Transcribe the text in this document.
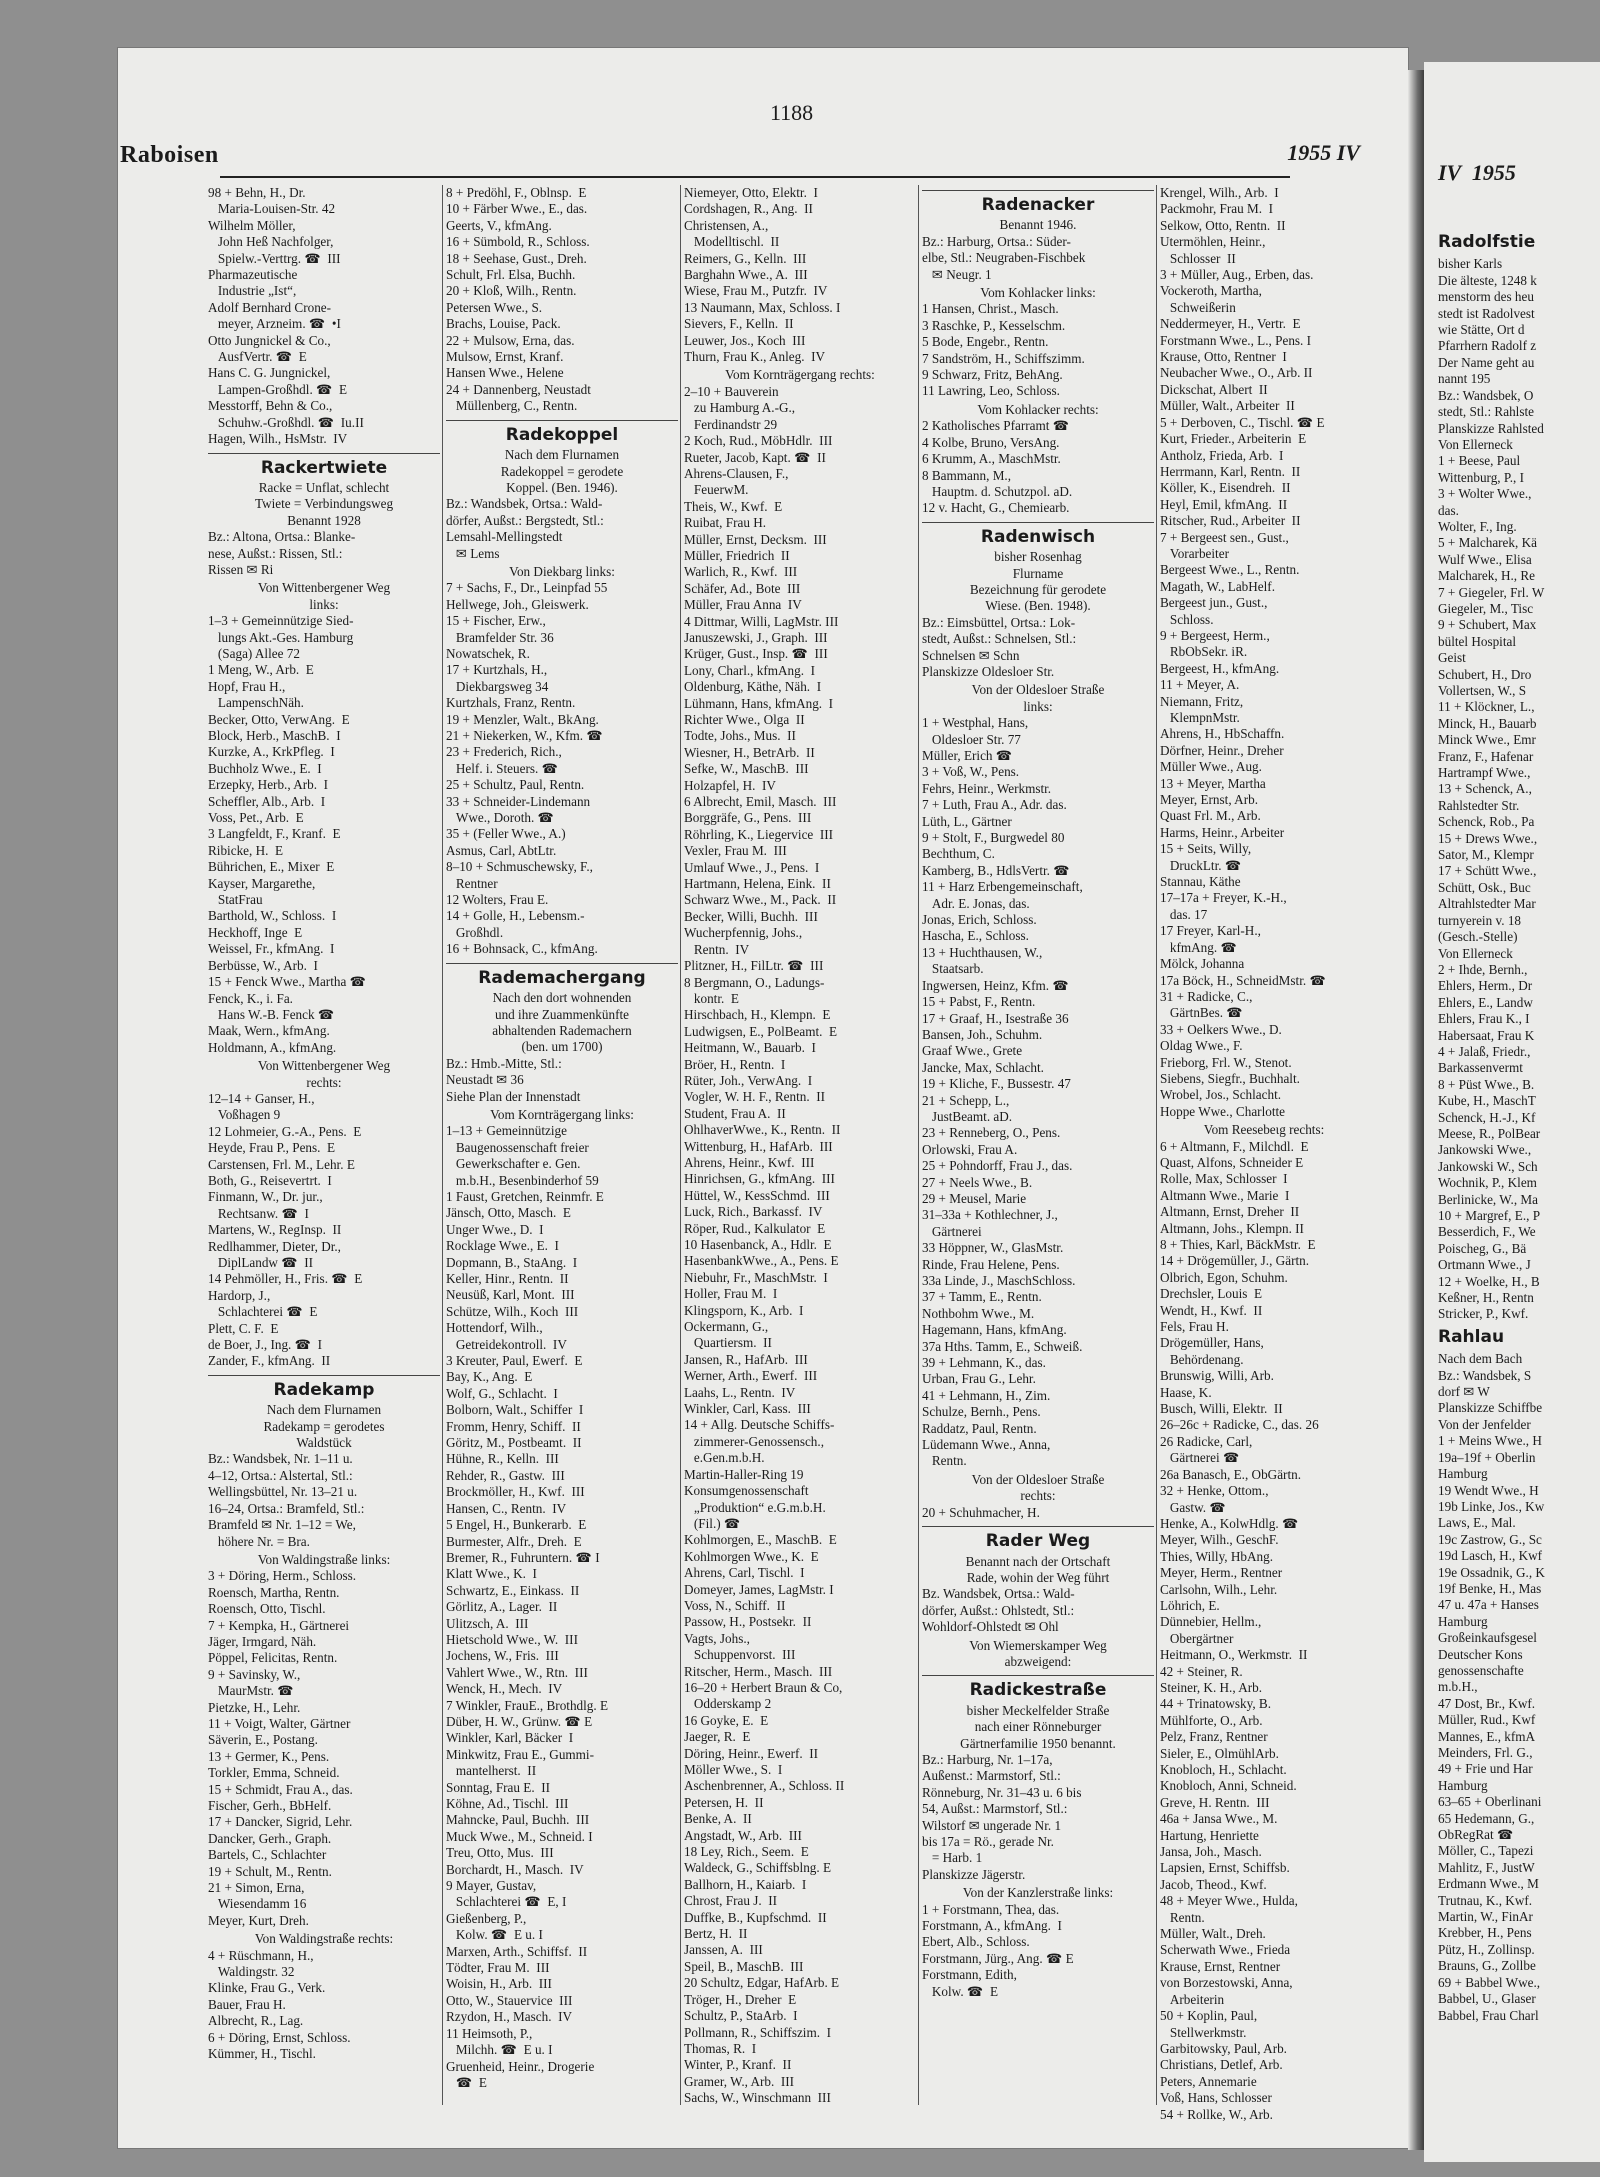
IV 1955

Radolfstie
bisher Karls
Die älteste, 1248 k
menstorm des heu
stedt ist Radolvest
wie Stätte, Ort d
Pfarrhern Radolf z
Der Name geht au
nannt 195
Bz.: Wandsbek, O
stedt, Stl.: Rahlste
Planskizze Rahlsted
Von Ellerneck
1 + Beese, Paul
Wittenburg, P., I
3 + Wolter Wwe.,
das.
Wolter, F., Ing.
5 + Malcharek, Kä
Wulf Wwe., Elisa
Malcharek, H., Re
7 + Giegeler, Frl. W
Giegeler, M., Tisc
9 + Schubert, Max
bültel Hospital
Geist
Schubert, H., Dro
Vollertsen, W., S
11 + Klöckner, L.,
Minck, H., Bauarb
Minck Wwe., Emr
Franz, F., Hafenar
Hartrampf Wwe.,
13 + Schenck, A.,
Rahlstedter Str.
Schenck, Rob., Pa
15 + Drews Wwe.,
Sator, M., Klempr
17 + Schütt Wwe.,
Schütt, Osk., Buc
Altrahlstedter Mar
turnyerein v. 18
(Gesch.-Stelle)
Von Ellerneck
2 + Ihde, Bernh.,
Ehlers, Herm., Dr
Ehlers, E., Landw
Ehlers, Frau K., I
Habersaat, Frau K
4 + Jalaß, Friedr.,
Barkassenvermt
8 + Püst Wwe., B.
Kube, H., MaschT
Schenck, H.-J., Kf
Meese, R., PolBear
Jankowski Wwe.,
Jankowski W., Sch
Wochnik, P., Klem
Berlinicke, W., Ma
10 + Margref, E., P
Besserdich, F., We
Poischeg, G., Bä
Ortmann Wwe., J
12 + Woelke, H., B
Keßner, H., Rentn
Stricker, P., Kwf.
Rahlau
Nach dem Bach
Bz.: Wandsbek, S
dorf ✉ W
Planskizze Schiffbe
Von der Jenfelder
1 + Meins Wwe., H
19a–19f + Oberlin
Hamburg
19 Wendt Wwe., H
19b Linke, Jos., Kw
Laws, E., Mal.
19c Zastrow, G., Sc
19d Lasch, H., Kwf
19e Ossadnik, G., K
19f Benke, H., Mas
47 u. 47a + Hanses
Hamburg
Großeinkaufsgesel
Deutscher Kons
genossenschafte
m.b.H.,
47 Dost, Br., Kwf.
Müller, Rud., Kwf
Mannes, E., kfmA
Meinders, Frl. G.,
49 + Frie und Har
Hamburg
63–65 + Oberlinani
65 Hedemann, G.,
ObRegRat ☎
Möller, C., Tapezi
Mahlitz, F., JustW
Erdmann Wwe., M
Trutnau, K., Kwf.
Martin, W., FinAr
Krebber, H., Pens
Pütz, H., Zollinsp.
Brauns, G., Zollbe
69 + Babbel Wwe.,
Babbel, U., Glaser
Babbel, Frau Charl

Raboisen
1188
1955 IV
98 + Behn, H., Dr.
Maria-Louisen-Str. 42
Wilhelm Möller,
John Heß Nachfolger,
Spielw.-Verttrg. ☎  III
Pharmazeutische
Industrie „Ist“,
Adolf Bernhard Crone-
meyer, Arzneim. ☎  •I
Otto Jungnickel & Co.,
AusfVertr. ☎  E
Hans C. G. Jungnickel,
Lampen-Großhdl. ☎  E
Messtorff, Behn & Co.,
Schuhw.-Großhdl. ☎  Iu.II
Hagen, Wilh., HsMstr.  IV
Rackertwiete
Racke = Unflat, schlecht
Twiete = Verbindungsweg
Benannt 1928
Bz.: Altona, Ortsa.: Blanke-
nese, Außst.: Rissen, Stl.:
Rissen ✉ Ri
Von Wittenbergener Weg
links:
1–3 + Gemeinnützige Sied-
lungs Akt.-Ges. Hamburg
(Saga) Allee 72
1 Meng, W., Arb.  E
Hopf, Frau H.,
LampenschNäh.
Becker, Otto, VerwAng.  E
Block, Herb., MaschB.  I
Kurzke, A., KrkPfleg.  I
Buchholz Wwe., E.  I
Erzepky, Herb., Arb.  I
Scheffler, Alb., Arb.  I
Voss, Pet., Arb.  E
3 Langfeldt, F., Kranf.  E
Ribicke, H.  E
Bührichen, E., Mixer  E
Kayser, Margarethe,
StatFrau
Barthold, W., Schloss.  I
Heckhoff, Inge  E
Weissel, Fr., kfmAng.  I
Berbüsse, W., Arb.  I
15 + Fenck Wwe., Martha ☎
Fenck, K., i. Fa.
Hans W.-B. Fenck ☎
Maak, Wern., kfmAng.
Holdmann, A., kfmAng.
Von Wittenbergener Weg
rechts:
12–14 + Ganser, H.,
Voßhagen 9
12 Lohmeier, G.-A., Pens.  E
Heyde, Frau P., Pens.  E
Carstensen, Frl. M., Lehr. E
Both, G., Reisevertrt.  I
Finmann, W., Dr. jur.,
Rechtsanw. ☎  I
Martens, W., RegInsp.  II
Redlhammer, Dieter, Dr.,
DiplLandw ☎  II
14 Pehmöller, H., Fris. ☎  E
Hardorp, J.,
Schlachterei ☎  E
Plett, C. F.  E
de Boer, J., Ing. ☎  I
Zander, F., kfmAng.  II
Radekamp
Nach dem Flurnamen
Radekamp = gerodetes
Waldstück
Bz.: Wandsbek, Nr. 1–11 u.
4–12, Ortsa.: Alstertal, Stl.:
Wellingsbüttel, Nr. 13–21 u.
16–24, Ortsa.: Bramfeld, Stl.:
Bramfeld ✉ Nr. 1–12 = We,
höhere Nr. = Bra.
Von Waldingstraße links:
3 + Döring, Herm., Schloss.
Roensch, Martha, Rentn.
Roensch, Otto, Tischl.
7 + Kempka, H., Gärtnerei
Jäger, Irmgard, Näh.
Pöppel, Felicitas, Rentn.
9 + Savinsky, W.,
MaurMstr. ☎
Pietzke, H., Lehr.
11 + Voigt, Walter, Gärtner
Säverin, E., Postang.
13 + Germer, K., Pens.
Torkler, Emma, Schneid.
15 + Schmidt, Frau A., das.
Fischer, Gerh., BbHelf.
17 + Dancker, Sigrid, Lehr.
Dancker, Gerh., Graph.
Bartels, C., Schlachter
19 + Schult, M., Rentn.
21 + Simon, Erna,
Wiesendamm 16
Meyer, Kurt, Dreh.
Von Waldingstraße rechts:
4 + Rüschmann, H.,
Waldingstr. 32
Klinke, Frau G., Verk.
Bauer, Frau H.
Albrecht, R., Lag.
6 + Döring, Ernst, Schloss.
Kümmer, H., Tischl.
8 + Predöhl, F., Oblnsp.  E
10 + Färber Wwe., E., das.
Geerts, V., kfmAng.
16 + Sümbold, R., Schloss.
18 + Seehase, Gust., Dreh.
Schult, Frl. Elsa, Buchh.
20 + Kloß, Wilh., Rentn.
Petersen Wwe., S.
Brachs, Louise, Pack.
22 + Mulsow, Erna, das.
Mulsow, Ernst, Kranf.
Hansen Wwe., Helene
24 + Dannenberg, Neustadt
Müllenberg, C., Rentn.
Radekoppel
Nach dem Flurnamen
Radekoppel = gerodete
Koppel. (Ben. 1946).
Bz.: Wandsbek, Ortsa.: Wald-
dörfer, Außst.: Bergstedt, Stl.:
Lemsahl-Mellingstedt
✉ Lems
Von Diekbarg links:
7 + Sachs, F., Dr., Leinpfad 55
Hellwege, Joh., Gleiswerk.
15 + Fischer, Erw.,
Bramfelder Str. 36
Nowatschek, R.
17 + Kurtzhals, H.,
Diekbargsweg 34
Kurtzhals, Franz, Rentn.
19 + Menzler, Walt., BkAng.
21 + Niekerken, W., Kfm. ☎
23 + Frederich, Rich.,
Helf. i. Steuers. ☎
25 + Schultz, Paul, Rentn.
33 + Schneider-Lindemann
Wwe., Doroth. ☎
35 + (Feller Wwe., A.)
Asmus, Carl, AbtLtr.
8–10 + Schmuschewsky, F.,
Rentner
12 Wolters, Frau E.
14 + Golle, H., Lebensm.-
Großhdl.
16 + Bohnsack, C., kfmAng.
Rademachergang
Nach den dort wohnenden
und ihre Zuammenkünfte
abhaltenden Rademachern
(ben. um 1700)
Bz.: Hmb.-Mitte, Stl.:
Neustadt ✉ 36
Siehe Plan der Innenstadt
Vom Kornträgergang links:
1–13 + Gemeinnützige
Baugenossenschaft freier
Gewerkschafter e. Gen.
m.b.H., Besenbinderhof 59
1 Faust, Gretchen, Reinmfr. E
Jänsch, Otto, Masch.  E
Unger Wwe., D.  I
Rocklage Wwe., E.  I
Dopmann, B., StaAng.  I
Keller, Hinr., Rentn.  II
Neusüß, Karl, Mont.  III
Schütze, Wilh., Koch  III
Hottendorf, Wilh.,
Getreidekontroll.  IV
3 Kreuter, Paul, Ewerf.  E
Bay, K., Ang.  E
Wolf, G., Schlacht.  I
Bolborn, Walt., Schiffer  I
Fromm, Henry, Schiff.  II
Göritz, M., Postbeamt.  II
Hühne, R., Kelln.  III
Rehder, R., Gastw.  III
Brockmöller, H., Kwf.  III
Hansen, C., Rentn.  IV
5 Engel, H., Bunkerarb.  E
Burmester, Alfr., Dreh.  E
Bremer, R., Fuhruntern. ☎ I
Klatt Wwe., K.  I
Schwartz, E., Einkass.  II
Görlitz, A., Lager.  II
Ulitzsch, A.  III
Hietschold Wwe., W.  III
Jochens, W., Fris.  III
Vahlert Wwe., W., Rtn.  III
Wenck, H., Mech.  IV
7 Winkler, FrauE., Brothdlg. E
Düber, H. W., Grünw. ☎ E
Winkler, Karl, Bäcker  I
Minkwitz, Frau E., Gummi-
mantelherst.  II
Sonntag, Frau E.  II
Köhne, Ad., Tischl.  III
Mahncke, Paul, Buchh.  III
Muck Wwe., M., Schneid. I
Treu, Otto, Mus.  III
Borchardt, H., Masch.  IV
9 Mayer, Gustav,
Schlachterei ☎  E, I
Gießenberg, P.,
Kolw. ☎  E u. I
Marxen, Arth., Schiffsf.  II
Tödter, Frau M.  III
Woisin, H., Arb.  III
Otto, W., Stauervice  III
Rzydon, H., Masch.  IV
11 Heimsoth, P.,
Milchh. ☎  E u. I
Gruenheid, Heinr., Drogerie
☎  E
Niemeyer, Otto, Elektr.  I
Cordshagen, R., Ang.  II
Christensen, A.,
Modelltischl.  II
Reimers, G., Kelln.  III
Barghahn Wwe., A.  III
Wiese, Frau M., Putzfr.  IV
13 Naumann, Max, Schloss. I
Sievers, F., Kelln.  II
Leuwer, Jos., Koch  III
Thurn, Frau K., Anleg.  IV
Vom Kornträgergang rechts:
2–10 + Bauverein
zu Hamburg A.-G.,
Ferdinandstr 29
2 Koch, Rud., MöbHdlr.  III
Rueter, Jacob, Kapt. ☎  II
Ahrens-Clausen, F.,
FeuerwM.
Theis, W., Kwf.  E
Ruibat, Frau H.
Müller, Ernst, Decksm.  III
Müller, Friedrich  II
Warlich, R., Kwf.  III
Schäfer, Ad., Bote  III
Müller, Frau Anna  IV
4 Dittmar, Willi, LagMstr. III
Januszewski, J., Graph.  III
Krüger, Gust., Insp. ☎  III
Lony, Charl., kfmAng.  I
Oldenburg, Käthe, Näh.  I
Lühmann, Hans, kfmAng.  I
Richter Wwe., Olga  II
Todte, Johs., Mus.  II
Wiesner, H., BetrArb.  II
Sefke, W., MaschB.  III
Holzapfel, H.  IV
6 Albrecht, Emil, Masch.  III
Borggräfe, G., Pens.  III
Röhrling, K., Liegervice  III
Vexler, Frau M.  III
Umlauf Wwe., J., Pens.  I
Hartmann, Helena, Eink.  II
Schwarz Wwe., M., Pack.  II
Becker, Willi, Buchh.  III
Wucherpfennig, Johs.,
Rentn.  IV
Plitzner, H., FilLtr. ☎  III
8 Bergmann, O., Ladungs-
kontr.  E
Hirschbach, H., Klempn.  E
Ludwigsen, E., PolBeamt.  E
Heitmann, W., Bauarb.  I
Bröer, H., Rentn.  I
Rüter, Joh., VerwAng.  I
Vogler, W. H. F., Rentn.  II
Student, Frau A.  II
OhlhaverWwe., K., Rentn.  II
Wittenburg, H., HafArb.  III
Ahrens, Heinr., Kwf.  III
Hinrichsen, G., kfmAng.  III
Hüttel, W., KessSchmd.  III
Luck, Rich., Barkassf.  IV
Röper, Rud., Kalkulator  E
10 Hasenbanck, A., Hdlr.  E
HasenbankWwe., A., Pens. E
Niebuhr, Fr., MaschMstr.  I
Holler, Frau M.  I
Klingsporn, K., Arb.  I
Ockermann, G.,
Quartiersm.  II
Jansen, R., HafArb.  III
Werner, Arth., Ewerf.  III
Laahs, L., Rentn.  IV
Winkler, Carl, Kass.  III
14 + Allg. Deutsche Schiffs-
zimmerer-Genossensch.,
e.Gen.m.b.H.
Martin-Haller-Ring 19
Konsumgenossenschaft
„Produktion“ e.G.m.b.H.
(Fil.) ☎
Kohlmorgen, E., MaschB.  E
Kohlmorgen Wwe., K.  E
Ahrens, Carl, Tischl.  I
Domeyer, James, LagMstr. I
Voss, N., Schiff.  II
Passow, H., Postsekr.  II
Vagts, Johs.,
Schuppenvorst.  III
Ritscher, Herm., Masch.  III
16–20 + Herbert Braun & Co,
Odderskamp 2
16 Goyke, E.  E
Jaeger, R.  E
Döring, Heinr., Ewerf.  II
Möller Wwe., S.  I
Aschenbrenner, A., Schloss. II
Petersen, H.  II
Benke, A.  II
Angstadt, W., Arb.  III
18 Ley, Rich., Seem.  E
Waldeck, G., Schiffsblng. E
Ballhorn, H., Kaiarb.  I
Chrost, Frau J.  II
Duffke, B., Kupfschmd.  II
Bertz, H.  II
Janssen, A.  III
Speil, B., MaschB.  III
20 Schultz, Edgar, HafArb. E
Tröger, H., Dreher  E
Schultz, P., StaArb.  I
Pollmann, R., Schiffszim.  I
Thomas, R.  I
Winter, P., Kranf.  II
Gramer, W., Arb.  III
Sachs, W., Winschmann  III
Radenacker
Benannt 1946.
Bz.: Harburg, Ortsa.: Süder-
elbe, Stl.: Neugraben-Fischbek
✉ Neugr. 1
Vom Kohlacker links:
1 Hansen, Christ., Masch.
3 Raschke, P., Kesselschm.
5 Bode, Engebr., Rentn.
7 Sandström, H., Schiffszimm.
9 Schwarz, Fritz, BehAng.
11 Lawring, Leo, Schloss.
Vom Kohlacker rechts:
2 Katholisches Pfarramt ☎
4 Kolbe, Bruno, VersAng.
6 Krumm, A., MaschMstr.
8 Bammann, M.,
Hauptm. d. Schutzpol. aD.
12 v. Hacht, G., Chemiearb.
Radenwisch
bisher Rosenhag
Flurname
Bezeichnung für gerodete
Wiese. (Ben. 1948).
Bz.: Eimsbüttel, Ortsa.: Lok-
stedt, Außst.: Schnelsen, Stl.:
Schnelsen ✉ Schn
Planskizze Oldesloer Str.
Von der Oldesloer Straße
links:
1 + Westphal, Hans,
Oldesloer Str. 77
Müller, Erich ☎
3 + Voß, W., Pens.
Fehrs, Heinr., Werkmstr.
7 + Luth, Frau A., Adr. das.
Lüth, L., Gärtner
9 + Stolt, F., Burgwedel 80
Bechthum, C.
Kamberg, B., HdlsVertr. ☎
11 + Harz Erbengemeinschaft,
Adr. E. Jonas, das.
Jonas, Erich, Schloss.
Hascha, E., Schloss.
13 + Huchthausen, W.,
Staatsarb.
Ingwersen, Heinz, Kfm. ☎
15 + Pabst, F., Rentn.
17 + Graaf, H., Isestraße 36
Bansen, Joh., Schuhm.
Graaf Wwe., Grete
Jancke, Max, Schlacht.
19 + Kliche, F., Bussestr. 47
21 + Schepp, L.,
JustBeamt. aD.
23 + Renneberg, O., Pens.
Orlowski, Frau A.
25 + Pohndorff, Frau J., das.
27 + Neels Wwe., B.
29 + Meusel, Marie
31–33a + Kothlechner, J.,
Gärtnerei
33 Höppner, W., GlasMstr.
Rinde, Frau Helene, Pens.
33a Linde, J., MaschSchloss.
37 + Tamm, E., Rentn.
Nothbohm Wwe., M.
Hagemann, Hans, kfmAng.
37a Hths. Tamm, E., Schweiß.
39 + Lehmann, K., das.
Urban, Frau G., Lehr.
41 + Lehmann, H., Zim.
Schulze, Bernh., Pens.
Raddatz, Paul, Rentn.
Lüdemann Wwe., Anna,
Rentn.
Von der Oldesloer Straße
rechts:
20 + Schuhmacher, H.
Rader Weg
Benannt nach der Ortschaft
Rade, wohin der Weg führt
Bz. Wandsbek, Ortsa.: Wald-
dörfer, Außst.: Ohlstedt, Stl.:
Wohldorf-Ohlstedt ✉ Ohl
Von Wiemerskamper Weg
abzweigend:
Radickestraße
bisher Meckelfelder Straße
nach einer Rönneburger
Gärtnerfamilie 1950 benannt.
Bz.: Harburg, Nr. 1–17a,
Außenst.: Marmstorf, Stl.:
Rönneburg, Nr. 31–43 u. 6 bis
54, Außst.: Marmstorf, Stl.:
Wilstorf ✉ ungerade Nr. 1
bis 17a = Rö., gerade Nr.
= Harb. 1
Planskizze Jägerstr.
Von der Kanzlerstraße links:
1 + Forstmann, Thea, das.
Forstmann, A., kfmAng.  I
Ebert, Alb., Schloss.
Forstmann, Jürg., Ang. ☎ E
Forstmann, Edith,
Kolw. ☎  E
Krengel, Wilh., Arb.  I
Packmohr, Frau M.  I
Selkow, Otto, Rentn.  II
Utermöhlen, Heinr.,
Schlosser  II
3 + Müller, Aug., Erben, das.
Vockeroth, Martha,
Schweißerin
Neddermeyer, H., Vertr.  E
Forstmann Wwe., L., Pens. I
Krause, Otto, Rentner  I
Neubacher Wwe., O., Arb. II
Dickschat, Albert  II
Müller, Walt., Arbeiter  II
5 + Derboven, C., Tischl. ☎ E
Kurt, Frieder., Arbeiterin  E
Antholz, Frieda, Arb.  I
Herrmann, Karl, Rentn.  II
Köller, K., Eisendreh.  II
Heyl, Emil, kfmAng.  II
Ritscher, Rud., Arbeiter  II
7 + Bergeest sen., Gust.,
Vorarbeiter
Bergeest Wwe., L., Rentn.
Magath, W., LabHelf.
Bergeest jun., Gust.,
Schloss.
9 + Bergeest, Herm.,
RbObSekr. iR.
Bergeest, H., kfmAng.
11 + Meyer, A.
Niemann, Fritz,
KlempnMstr.
Ahrens, H., HbSchaffn.
Dörfner, Heinr., Dreher
Müller Wwe., Aug.
13 + Meyer, Martha
Meyer, Ernst, Arb.
Quast Frl. M., Arb.
Harms, Heinr., Arbeiter
15 + Seits, Willy,
DruckLtr. ☎
Stannau, Käthe
17–17a + Freyer, K.-H.,
das. 17
17 Freyer, Karl-H.,
kfmAng. ☎
Mölck, Johanna
17a Böck, H., SchneidMstr. ☎
31 + Radicke, C.,
GärtnBes. ☎
33 + Oelkers Wwe., D.
Oldag Wwe., F.
Frieborg, Frl. W., Stenot.
Siebens, Siegfr., Buchhalt.
Wrobel, Jos., Schlacht.
Hoppe Wwe., Charlotte
Vom Reesebeιg rechts:
6 + Altmann, F., Milchdl.  E
Quast, Alfons, Schneider E
Rolle, Max, Schlosser  I
Altmann Wwe., Marie  I
Altmann, Ernst, Dreher  II
Altmann, Johs., Klempn. II
8 + Thies, Karl, BäckMstr.  E
14 + Drögemüller, J., Gärtn.
Olbrich, Egon, Schuhm.
Drechsler, Louis  E
Wendt, H., Kwf.  II
Fels, Frau H.
Drögemüller, Hans,
Behördenang.
Brunswig, Willi, Arb.
Haase, K.
Busch, Willi, Elektr.  II
26–26c + Radicke, C., das. 26
26 Radicke, Carl,
Gärtnerei ☎
26a Banasch, E., ObGärtn.
32 + Henke, Ottom.,
Gastw. ☎
Henke, A., KolwHdlg. ☎
Meyer, Wilh., GeschF.
Thies, Willy, HbAng.
Meyer, Herm., Rentner
Carlsohn, Wilh., Lehr.
Löhrich, E.
Dünnebier, Hellm.,
Obergärtner
Heitmann, O., Werkmstr.  II
42 + Steiner, R.
Steiner, K. H., Arb.
44 + Trinatowsky, B.
Mühlforte, O., Arb.
Pelz, Franz, Rentner
Sieler, E., OlmühlArb.
Knobloch, H., Schlacht.
Knobloch, Anni, Schneid.
Greve, H. Rentn.  III
46a + Jansa Wwe., M.
Hartung, Henriette
Jansa, Joh., Masch.
Lapsien, Ernst, Schiffsb.
Jacob, Theod., Kwf.
48 + Meyer Wwe., Hulda,
Rentn.
Müller, Walt., Dreh.
Scherwath Wwe., Frieda
Krause, Ernst, Rentner
von Borzestowski, Anna,
Arbeiterin
50 + Koplin, Paul,
Stellwerkmstr.
Garbitowsky, Paul, Arb.
Christians, Detlef, Arb.
Peters, Annemarie
Voß, Hans, Schlosser
54 + Rollke, W., Arb.
